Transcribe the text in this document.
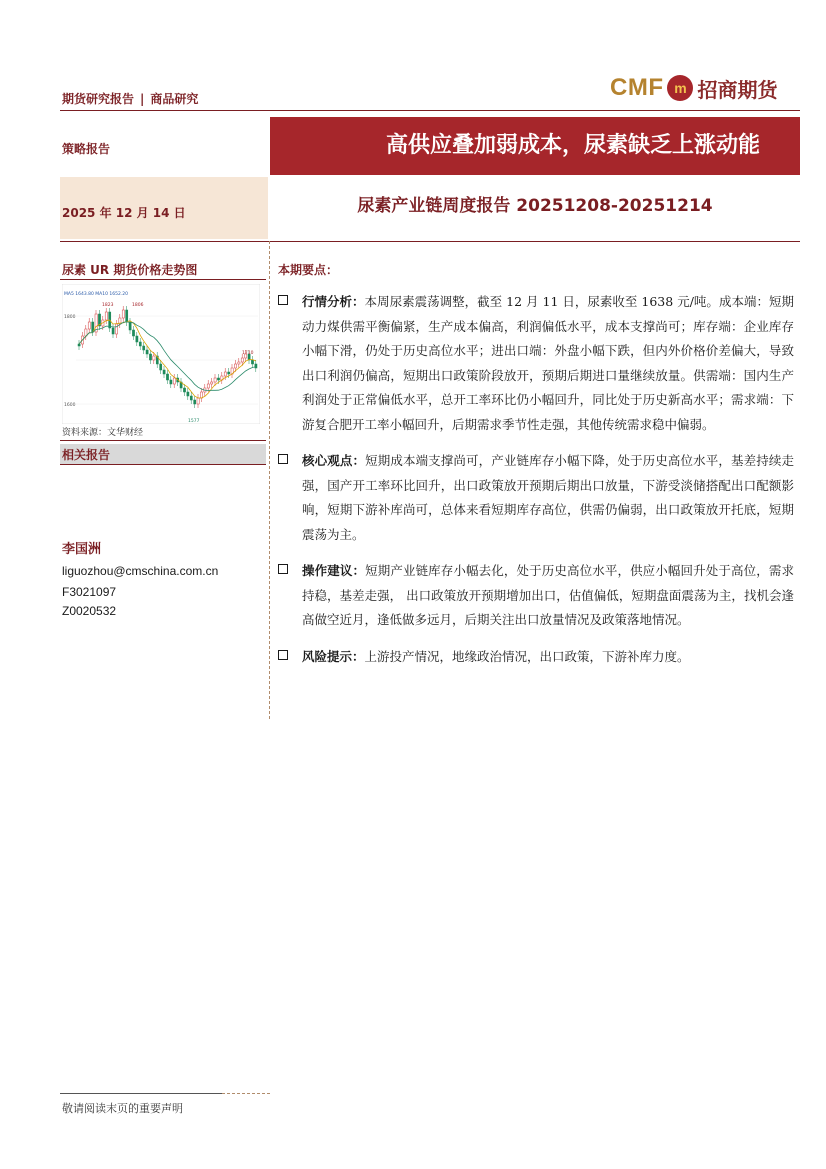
期货研究报告 | 商品研究	CMF m 招商期货
高供应叠加弱成本，尿素缺乏上涨动能
策略报告
2025 年 12 月 14 日	尿素产业链周度报告 20251208-20251214
尿素 UR 期货价格走势图
MA5 1643.80 MA10 1652.20
1800
1600
1823	1806
1710
1577
资料来源：文华财经
相关报告
李国洲
liguozhou@cmschina.com.cn
F3021097
Z0020532
本期要点：
行情分析：本周尿素震荡调整，截至 12 月 11 日，尿素收至 1638 元/吨。成本端：短期动力煤供需平衡偏紧，生产成本偏高，利润偏低水平，成本支撑尚可；库存端：企业库存小幅下滑，仍处于历史高位水平；进出口端：外盘小幅下跌，但内外价格价差偏大，导致出口利润仍偏高，短期出口政策阶段放开，预期后期进口量继续放量。供需端：国内生产利润处于正常偏低水平，总开工率环比仍小幅回升，同比处于历史新高水平；需求端：下游复合肥开工率小幅回升，后期需求季节性走强，其他传统需求稳中偏弱。
核心观点：短期成本端支撑尚可，产业链库存小幅下降，处于历史高位水平，基差持续走强，国产开工率环比回升，出口政策放开预期后期出口放量，下游受淡储搭配出口配额影响，短期下游补库尚可，总体来看短期库存高位，供需仍偏弱，出口政策放开托底，短期震荡为主。
操作建议：短期产业链库存小幅去化，处于历史高位水平，供应小幅回升处于高位，需求持稳，基差走强， 出口政策放开预期增加出口，估值偏低，短期盘面震荡为主，找机会逢高做空近月，逢低做多远月，后期关注出口放量情况及政策落地情况。
风险提示：上游投产情况，地缘政治情况，出口政策，下游补库力度。
敬请阅读末页的重要声明
